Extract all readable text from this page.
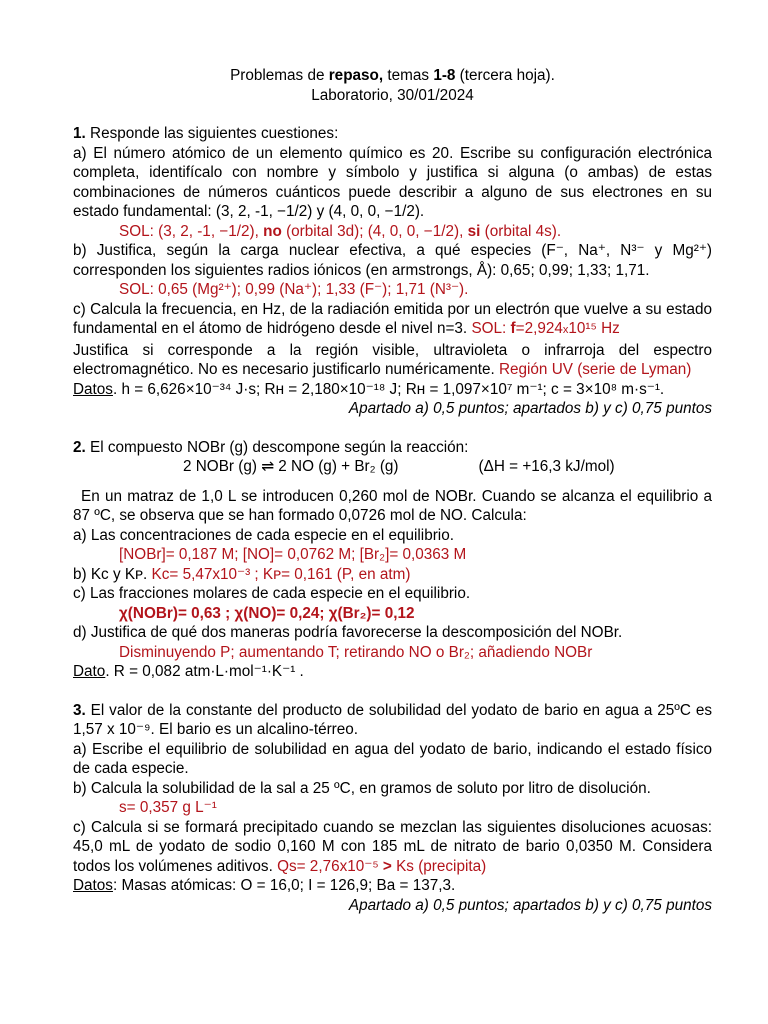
Problemas de repaso, temas 1-8 (tercera hoja).
Laboratorio, 30/01/2024
1. Responde las siguientes cuestiones:
a) El número atómico de un elemento químico es 20. Escribe su configuración electrónica completa, identifícalo con nombre y símbolo y justifica si alguna (o ambas) de estas combinaciones de números cuánticos puede describir a alguno de sus electrones en su estado fundamental: (3, 2, -1, −1/2) y (4, 0, 0, −1/2).
SOL: (3, 2, -1, −1/2), no (orbital 3d); (4, 0, 0, −1/2), si (orbital 4s).
b) Justifica, según la carga nuclear efectiva, a qué especies (F⁻, Na⁺, N³⁻ y Mg²⁺) corresponden los siguientes radios iónicos (en armstrongs, Å): 0,65; 0,99; 1,33; 1,71.
SOL: 0,65 (Mg²⁺); 0,99 (Na⁺); 1,33 (F⁻); 1,71 (N³⁻).
c) Calcula la frecuencia, en Hz, de la radiación emitida por un electrón que vuelve a su estado fundamental en el átomo de hidrógeno desde el nivel n=3. SOL: f=2,924x10¹⁵ Hz
Justifica si corresponde a la región visible, ultravioleta o infrarroja del espectro electromagnético. No es necesario justificarlo numéricamente. Región UV (serie de Lyman)
Datos. h = 6,626×10⁻³⁴ J·s; Rʜ = 2,180×10⁻¹⁸ J; Rʜ = 1,097×10⁷ m⁻¹; c = 3×10⁸ m·s⁻¹.
Apartado a) 0,5 puntos; apartados b) y c) 0,75 puntos
2. El compuesto NOBr (g) descompone según la reacción:
2 NOBr (g) ⇌ 2 NO (g) + Br₂ (g)	(ΔH = +16,3 kJ/mol)
En un matraz de 1,0 L se introducen 0,260 mol de NOBr. Cuando se alcanza el equilibrio a 87 ºC, se observa que se han formado 0,0726 mol de NO. Calcula:
a) Las concentraciones de cada especie en el equilibrio.
[NOBr]= 0,187 M; [NO]= 0,0762 M; [Br₂]= 0,0363 M
b) Kᴄ y Kᴘ. Kᴄ= 5,47x10⁻³ ; Kᴘ= 0,161 (P, en atm)
c) Las fracciones molares de cada especie en el equilibrio.
χ(NOBr)= 0,63 ; χ(NO)= 0,24; χ(Br₂)= 0,12
d) Justifica de qué dos maneras podría favorecerse la descomposición del NOBr.
Disminuyendo P; aumentando T; retirando NO o Br₂; añadiendo NOBr
Dato. R = 0,082 atm·L·mol⁻¹·K⁻¹ .
3. El valor de la constante del producto de solubilidad del yodato de bario en agua a 25ºC es 1,57 x 10⁻⁹. El bario es un alcalino-térreo.
a) Escribe el equilibrio de solubilidad en agua del yodato de bario, indicando el estado físico de cada especie.
b) Calcula la solubilidad de la sal a 25 ºC, en gramos de soluto por litro de disolución.
s= 0,357 g L⁻¹
c) Calcula si se formará precipitado cuando se mezclan las siguientes disoluciones acuosas: 45,0 mL de yodato de sodio 0,160 M con 185 mL de nitrato de bario 0,0350 M. Considera todos los volúmenes aditivos. Qs= 2,76x10⁻⁵ > Ks (precipita)
Datos: Masas atómicas: O = 16,0; I = 126,9; Ba = 137,3.
Apartado a) 0,5 puntos; apartados b) y c) 0,75 puntos
